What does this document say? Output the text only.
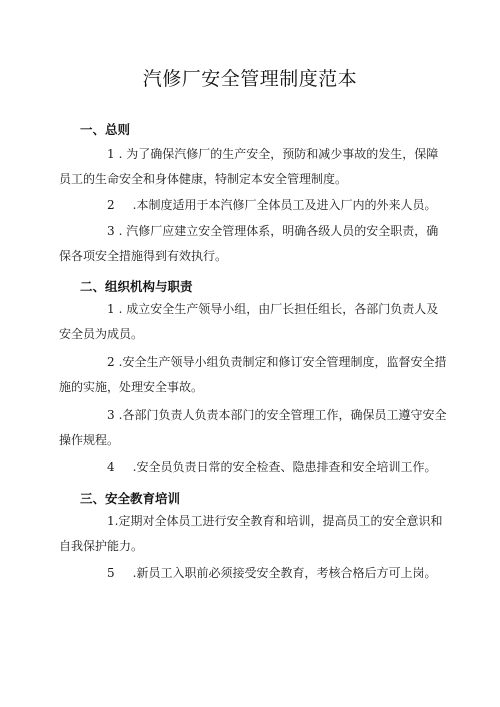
汽修厂安全管理制度范本
一、总则
1 . 为了确保汽修厂的生产安全，预防和减少事故的发生，保障员工的生命安全和身体健康，特制定本安全管理制度。
2 .本制度适用于本汽修厂全体员工及进入厂内的外来人员。
3 . 汽修厂应建立安全管理体系，明确各级人员的安全职责，确保各项安全措施得到有效执行。
二、组织机构与职责
1 . 成立安全生产领导小组，由厂长担任组长，各部门负责人及安全员为成员。
2 .安全生产领导小组负责制定和修订安全管理制度，监督安全措施的实施，处理安全事故。
3 .各部门负责人负责本部门的安全管理工作，确保员工遵守安全操作规程。
4 .安全员负责日常的安全检查、隐患排查和安全培训工作。
三、安全教育培训
1.定期对全体员工进行安全教育和培训，提高员工的安全意识和自我保护能力。
5 .新员工入职前必须接受安全教育，考核合格后方可上岗。
